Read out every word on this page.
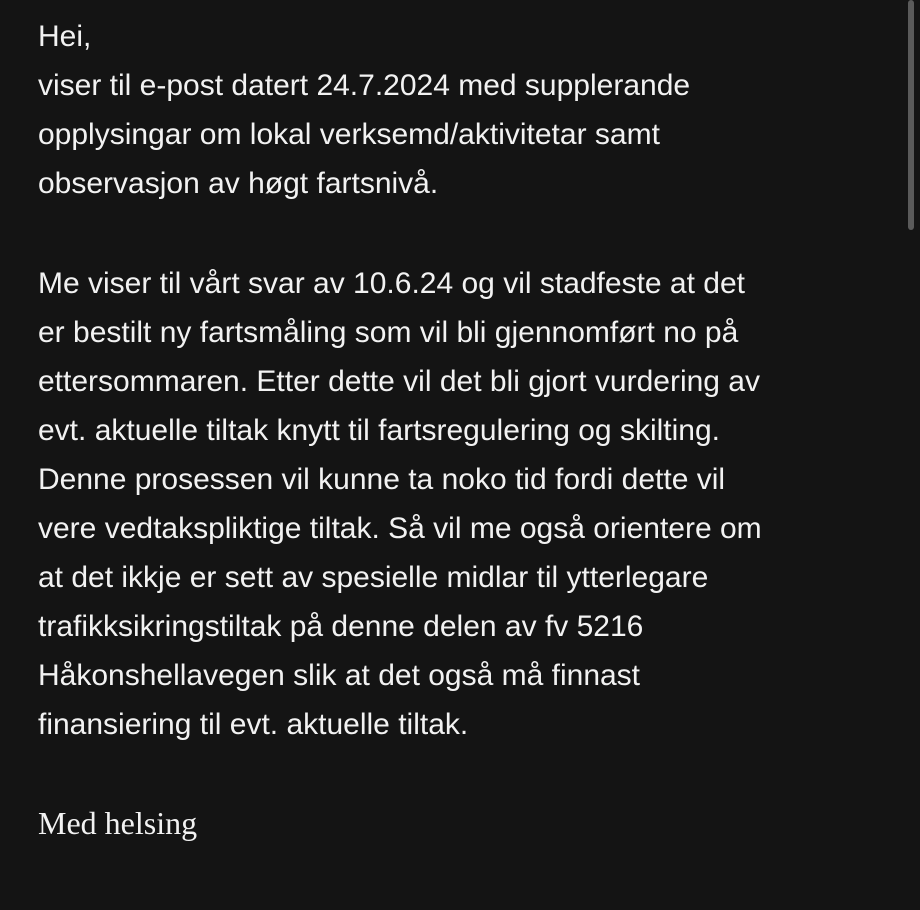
Hei,
viser til e-post datert 24.7.2024 med supplerande
opplysingar om lokal verksemd/aktivitetar samt
observasjon av høgt fartsnivå.
Me viser til vårt svar av 10.6.24 og vil stadfeste at det
er bestilt ny fartsmåling som vil bli gjennomført no på
ettersommaren. Etter dette vil det bli gjort vurdering av
evt. aktuelle tiltak knytt til fartsregulering og skilting.
Denne prosessen vil kunne ta noko tid fordi dette vil
vere vedtakspliktige tiltak. Så vil me også orientere om
at det ikkje er sett av spesielle midlar til ytterlegare
trafikksikringstiltak på denne delen av fv 5216
Håkonshellavegen slik at det også må finnast
finansiering til evt. aktuelle tiltak.
Med helsing
